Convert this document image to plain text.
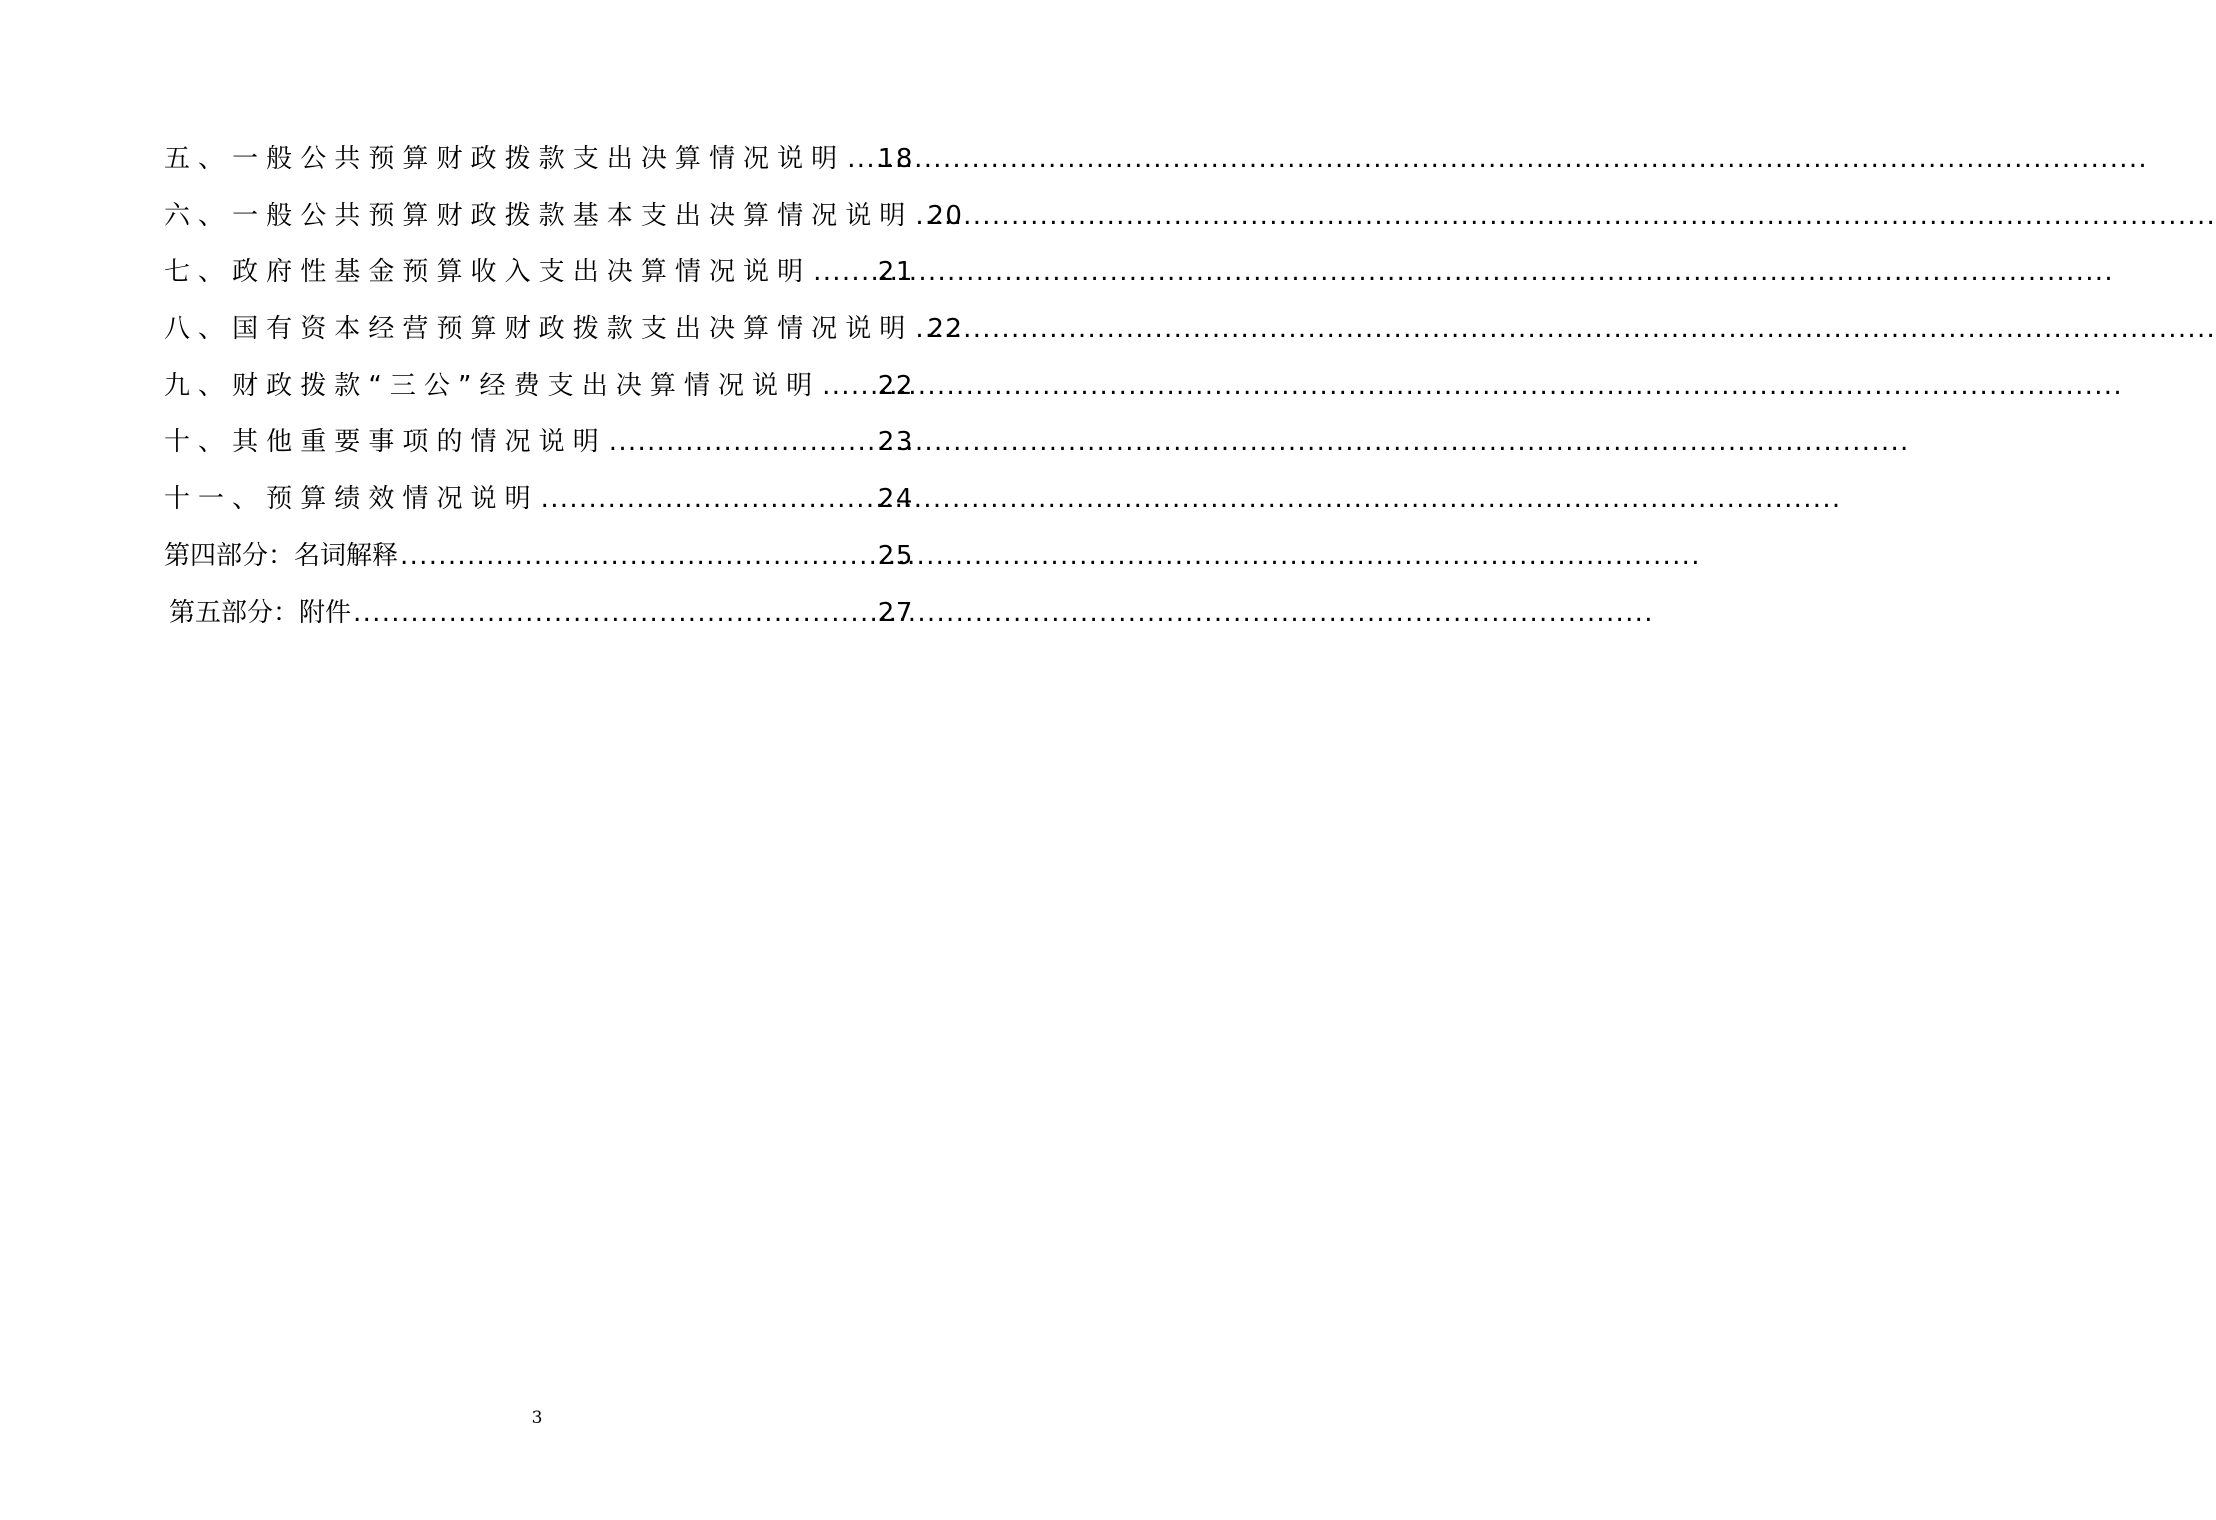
五、一般公共预算财政拨款支出决算情况说明 ..... 18
六、一般公共预算财政拨款基本支出决算情况说明 ..... 20
七、政府性基金预算收入支出决算情况说明 .....	21
八、国有资本经营预算财政拨款支出决算情况说明 ..... 22
九、财政拨款“三公”经费支出决算情况说明 ..... 22
十、其他重要事项的情况说明 .....	23
十一、预算绩效情况说明 .....	24
第四部分：名词解释 .....	25
第五部分：附件 .....	27
3
